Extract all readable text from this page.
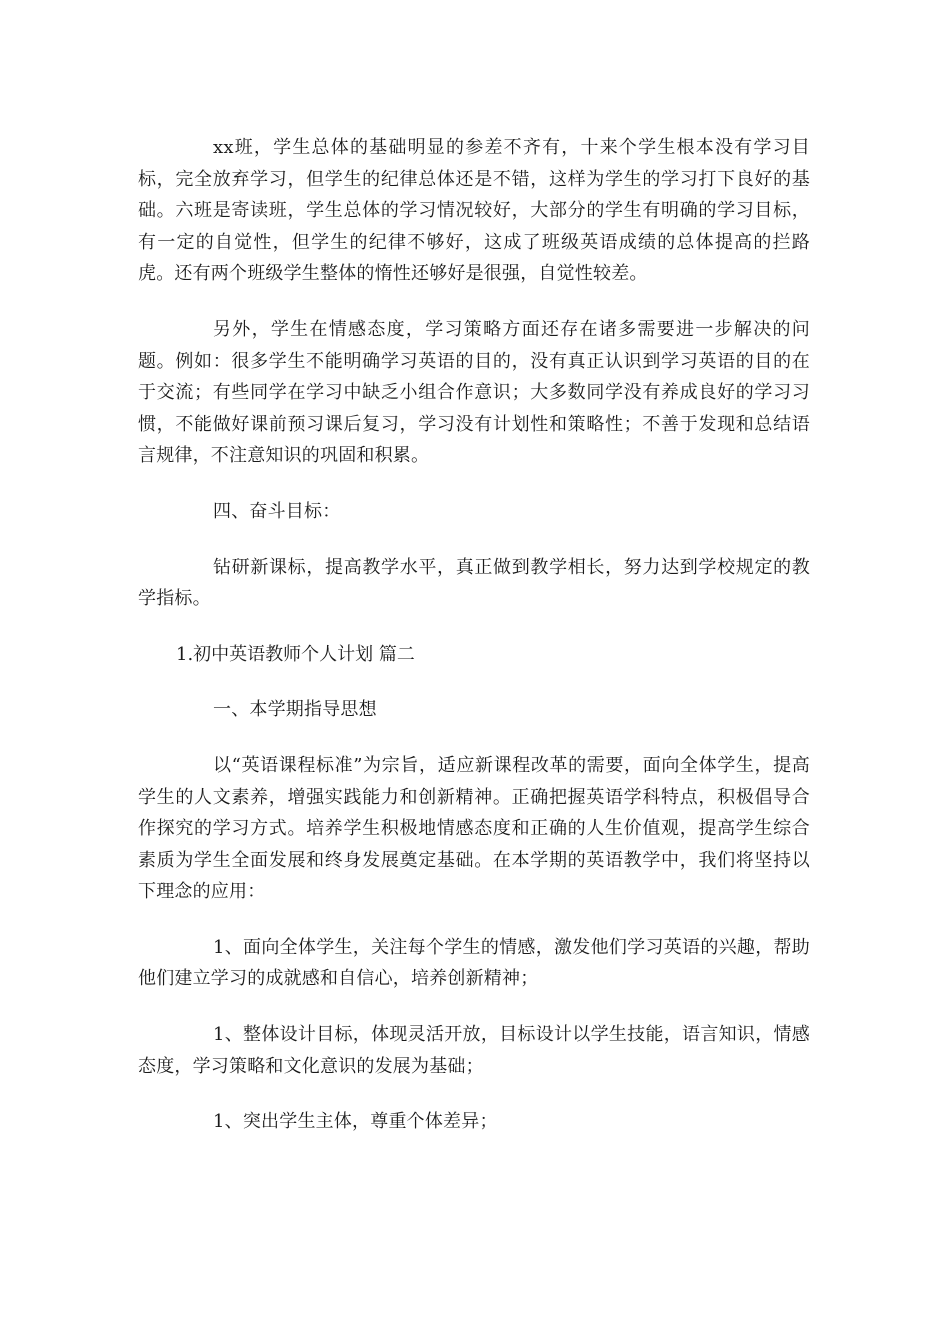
xx班，学生总体的基础明显的参差不齐有，十来个学生根本没有学习目标，完全放弃学习，但学生的纪律总体还是不错，这样为学生的学习打下良好的基础。六班是寄读班，学生总体的学习情况较好，大部分的学生有明确的学习目标，有一定的自觉性，但学生的纪律不够好，这成了班级英语成绩的总体提高的拦路虎。还有两个班级学生整体的惰性还够好是很强，自觉性较差。

另外，学生在情感态度，学习策略方面还存在诸多需要进一步解决的问题。例如：很多学生不能明确学习英语的目的，没有真正认识到学习英语的目的在于交流；有些同学在学习中缺乏小组合作意识；大多数同学没有养成良好的学习习惯，不能做好课前预习课后复习，学习没有计划性和策略性；不善于发现和总结语言规律，不注意知识的巩固和积累。

四、奋斗目标：

钻研新课标，提高教学水平，真正做到教学相长，努力达到学校规定的教学指标。

1.初中英语教师个人计划 篇二

一、本学期指导思想

以“英语课程标准”为宗旨，适应新课程改革的需要，面向全体学生，提高学生的人文素养，增强实践能力和创新精神。正确把握英语学科特点，积极倡导合作探究的学习方式。培养学生积极地情感态度和正确的人生价值观，提高学生综合素质为学生全面发展和终身发展奠定基础。在本学期的英语教学中，我们将坚持以下理念的应用：

1、面向全体学生，关注每个学生的情感，激发他们学习英语的兴趣，帮助他们建立学习的成就感和自信心，培养创新精神；

1、整体设计目标，体现灵活开放，目标设计以学生技能，语言知识，情感态度，学习策略和文化意识的发展为基础；

1、突出学生主体，尊重个体差异；
